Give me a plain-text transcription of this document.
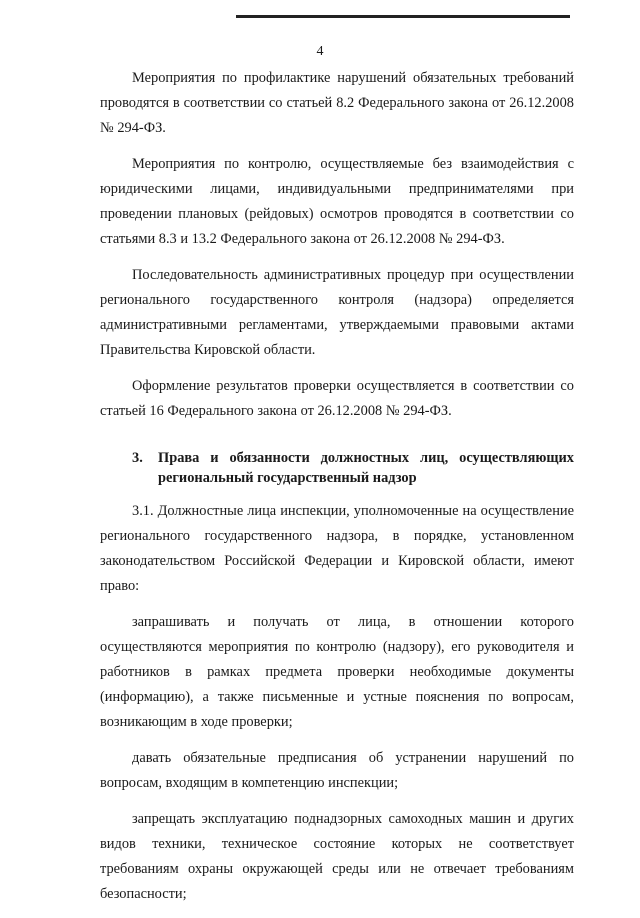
4

Мероприятия по профилактике нарушений обязательных требований проводятся в соответствии со статьей 8.2 Федерального закона от 26.12.2008 № 294-ФЗ.

Мероприятия по контролю, осуществляемые без взаимодействия с юридическими лицами, индивидуальными предпринимателями при проведении плановых (рейдовых) осмотров проводятся в соответствии со статьями 8.3 и 13.2 Федерального закона от 26.12.2008 № 294-ФЗ.

Последовательность административных процедур при осуществлении регионального государственного контроля (надзора) определяется административными регламентами, утверждаемыми правовыми актами Правительства Кировской области.

Оформление результатов проверки осуществляется в соответствии со статьей 16 Федерального закона от 26.12.2008 № 294-ФЗ.

3.	Права и обязанности должностных лиц, осуществляющих региональный государственный надзор

3.1. Должностные лица инспекции, уполномоченные на осуществление регионального государственного надзора, в порядке, установленном законодательством Российской Федерации и Кировской области, имеют право:

запрашивать и получать от лица, в отношении которого осуществляются мероприятия по контролю (надзору), его руководителя и работников в рамках предмета проверки необходимые документы (информацию), а также письменные и устные пояснения по вопросам, возникающим в ходе проверки;

давать обязательные предписания об устранении нарушений по вопросам, входящим в компетенцию инспекции;

запрещать эксплуатацию поднадзорных самоходных машин и других видов техники, техническое состояние которых не соответствует требованиям охраны окружающей среды или не отвечает требованиям безопасности;
